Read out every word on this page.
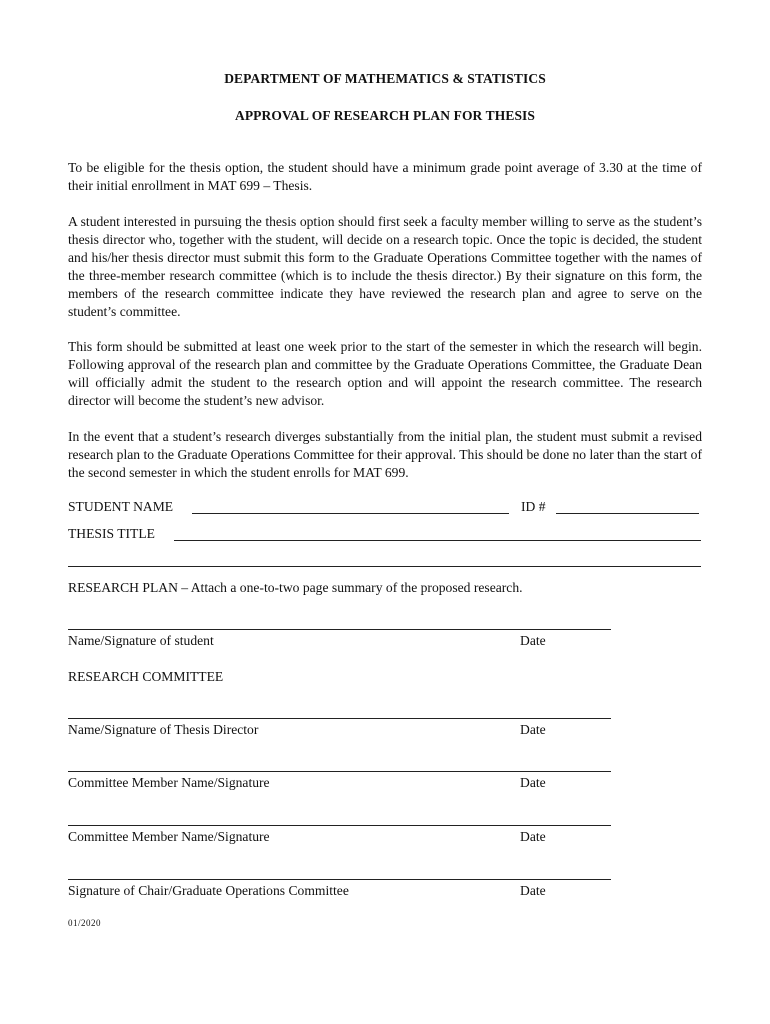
DEPARTMENT OF MATHEMATICS & STATISTICS
APPROVAL OF RESEARCH PLAN FOR THESIS
To be eligible for the thesis option, the student should have a minimum grade point average of 3.30 at the time of their initial enrollment in MAT 699 – Thesis.
A student interested in pursuing the thesis option should first seek a faculty member willing to serve as the student’s thesis director who, together with the student, will decide on a research topic. Once the topic is decided, the student and his/her thesis director must submit this form to the Graduate Operations Committee together with the names of the three-member research committee (which is to include the thesis director.) By their signature on this form, the members of the research committee indicate they have reviewed the research plan and agree to serve on the student’s committee.
This form should be submitted at least one week prior to the start of the semester in which the research will begin. Following approval of the research plan and committee by the Graduate Operations Committee, the Graduate Dean will officially admit the student to the research option and will appoint the research committee. The research director will become the student’s new advisor.
In the event that a student’s research diverges substantially from the initial plan, the student must submit a revised research plan to the Graduate Operations Committee for their approval. This should be done no later than the start of the second semester in which the student enrolls for MAT 699.
STUDENT NAME	ID #
THESIS TITLE
RESEARCH PLAN – Attach a one-to-two page summary of the proposed research.
Name/Signature of student	Date
RESEARCH COMMITTEE
Name/Signature of Thesis Director	Date
Committee Member Name/Signature	Date
Committee Member Name/Signature	Date
Signature of Chair/Graduate Operations Committee	Date
01/2020
